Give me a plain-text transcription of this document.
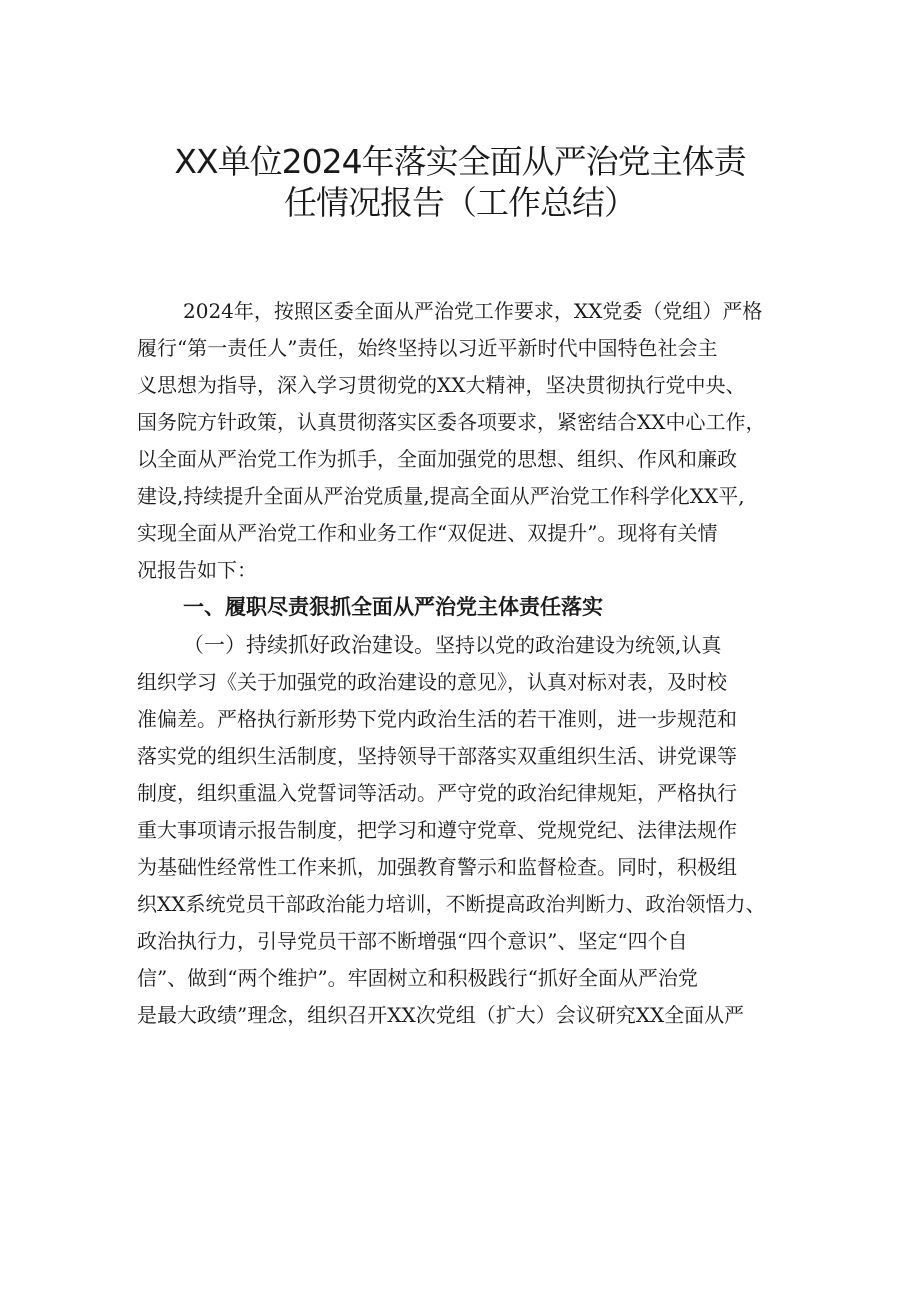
XX单位2024年落实全面从严治党主体责
任情况报告（工作总结）

2024年，按照区委全面从严治党工作要求，XX党委（党组）严格

履行“第一责任人”责任，始终坚持以习近平新时代中国特色社会主

义思想为指导，深入学习贯彻党的XX大精神，坚决贯彻执行党中央、

国务院方针政策，认真贯彻落实区委各项要求，紧密结合XX中心工作，

以全面从严治党工作为抓手，全面加强党的思想、组织、作风和廉政

建设,持续提升全面从严治党质量,提高全面从严治党工作科学化XX平,

实现全面从严治党工作和业务工作“双促进、双提升”。现将有关情

况报告如下：

一、履职尽责狠抓全面从严治党主体责任落实

（一）持续抓好政治建设。坚持以党的政治建设为统领,认真

组织学习《关于加强党的政治建设的意见》，认真对标对表，及时校

准偏差。严格执行新形势下党内政治生活的若干准则，进一步规范和

落实党的组织生活制度，坚持领导干部落实双重组织生活、讲党课等

制度，组织重温入党誓词等活动。严守党的政治纪律规矩，严格执行

重大事项请示报告制度，把学习和遵守党章、党规党纪、法律法规作

为基础性经常性工作来抓，加强教育警示和监督检查。同时，积极组

织XX系统党员干部政治能力培训，不断提高政治判断力、政治领悟力、

政治执行力，引导党员干部不断增强“四个意识”、坚定“四个自

信”、做到“两个维护”。牢固树立和积极践行“抓好全面从严治党

是最大政绩”理念，组织召开XX次党组（扩大）会议研究XX全面从严
